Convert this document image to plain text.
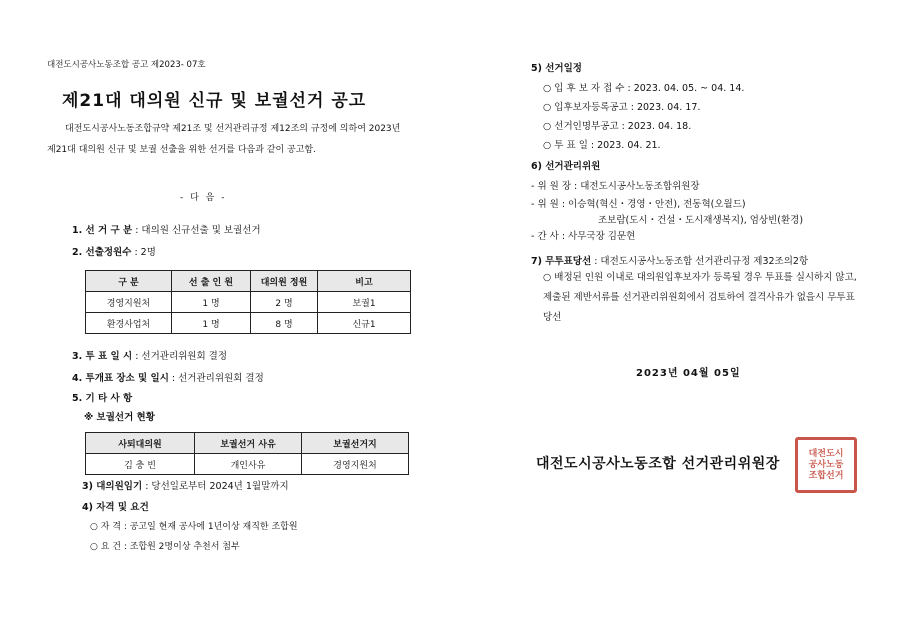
대전도시공사노동조합 공고 제2023- 07호
제21대 대의원 신규 및 보궐선거 공고
대전도시공사노동조합규약 제21조 및 선거관리규정 제12조의 규정에 의하여 2023년 제21대 대의원 신규 및 보궐 선출을 위한 선거를 다음과 같이 공고함.
- 다 음 -
1. 선 거 구 분 : 대의원 신규선출 및 보궐선거
2. 선출정원수 : 2명
구 분	선 출 인 원	대의원 정원	비고
경영지원처	1 명	2 명	보궐1
환경사업처	1 명	8 명	신규1
3. 투 표 일 시 : 선거관리위원회 결정
4. 투개표 장소 및 일시 : 선거관리위원회 결정
5. 기 타 사 항
※ 보궐선거 현황
사퇴대의원	보궐선거 사유	보궐선거지
김 충 빈	개인사유	경영지원처
3) 대의원임기 : 당선일로부터 2024년 1월말까지
4) 자격 및 요건
○ 자 격 : 공고일 현재 공사에 1년이상 재직한 조합원
○ 요 건 : 조합원 2명이상 추천서 첨부
5) 선거일정
○ 입 후 보 자 접 수 : 2023. 04. 05. ~ 04. 14.
○ 입후보자등록공고 : 2023. 04. 17.
○ 선거인명부공고 : 2023. 04. 18.
○ 투 표 일 : 2023. 04. 21.
6) 선거관리위원
- 위 원 장 : 대전도시공사노동조합위원장
- 위 원 : 이승혁(혁신・경영・안전), 전동혁(오월드)
조보람(도시・건설・도시재생복지), 엄상빈(환경)
- 간 사 : 사무국장 김문현
7) 무투표당선 : 대전도시공사노동조합 선거관리규정 제32조의2항
○ 배정된 인원 이내로 대의원입후보자가 등록될 경우 투표를 실시하지 않고, 제출된 제반서류를 선거관리위원회에서 검토하여 결격사유가 없을시 무투표 당선
2023년 04월 05일
대전도시공사노동조합 선거관리위원장
대전도시
공사노동
조합선거
